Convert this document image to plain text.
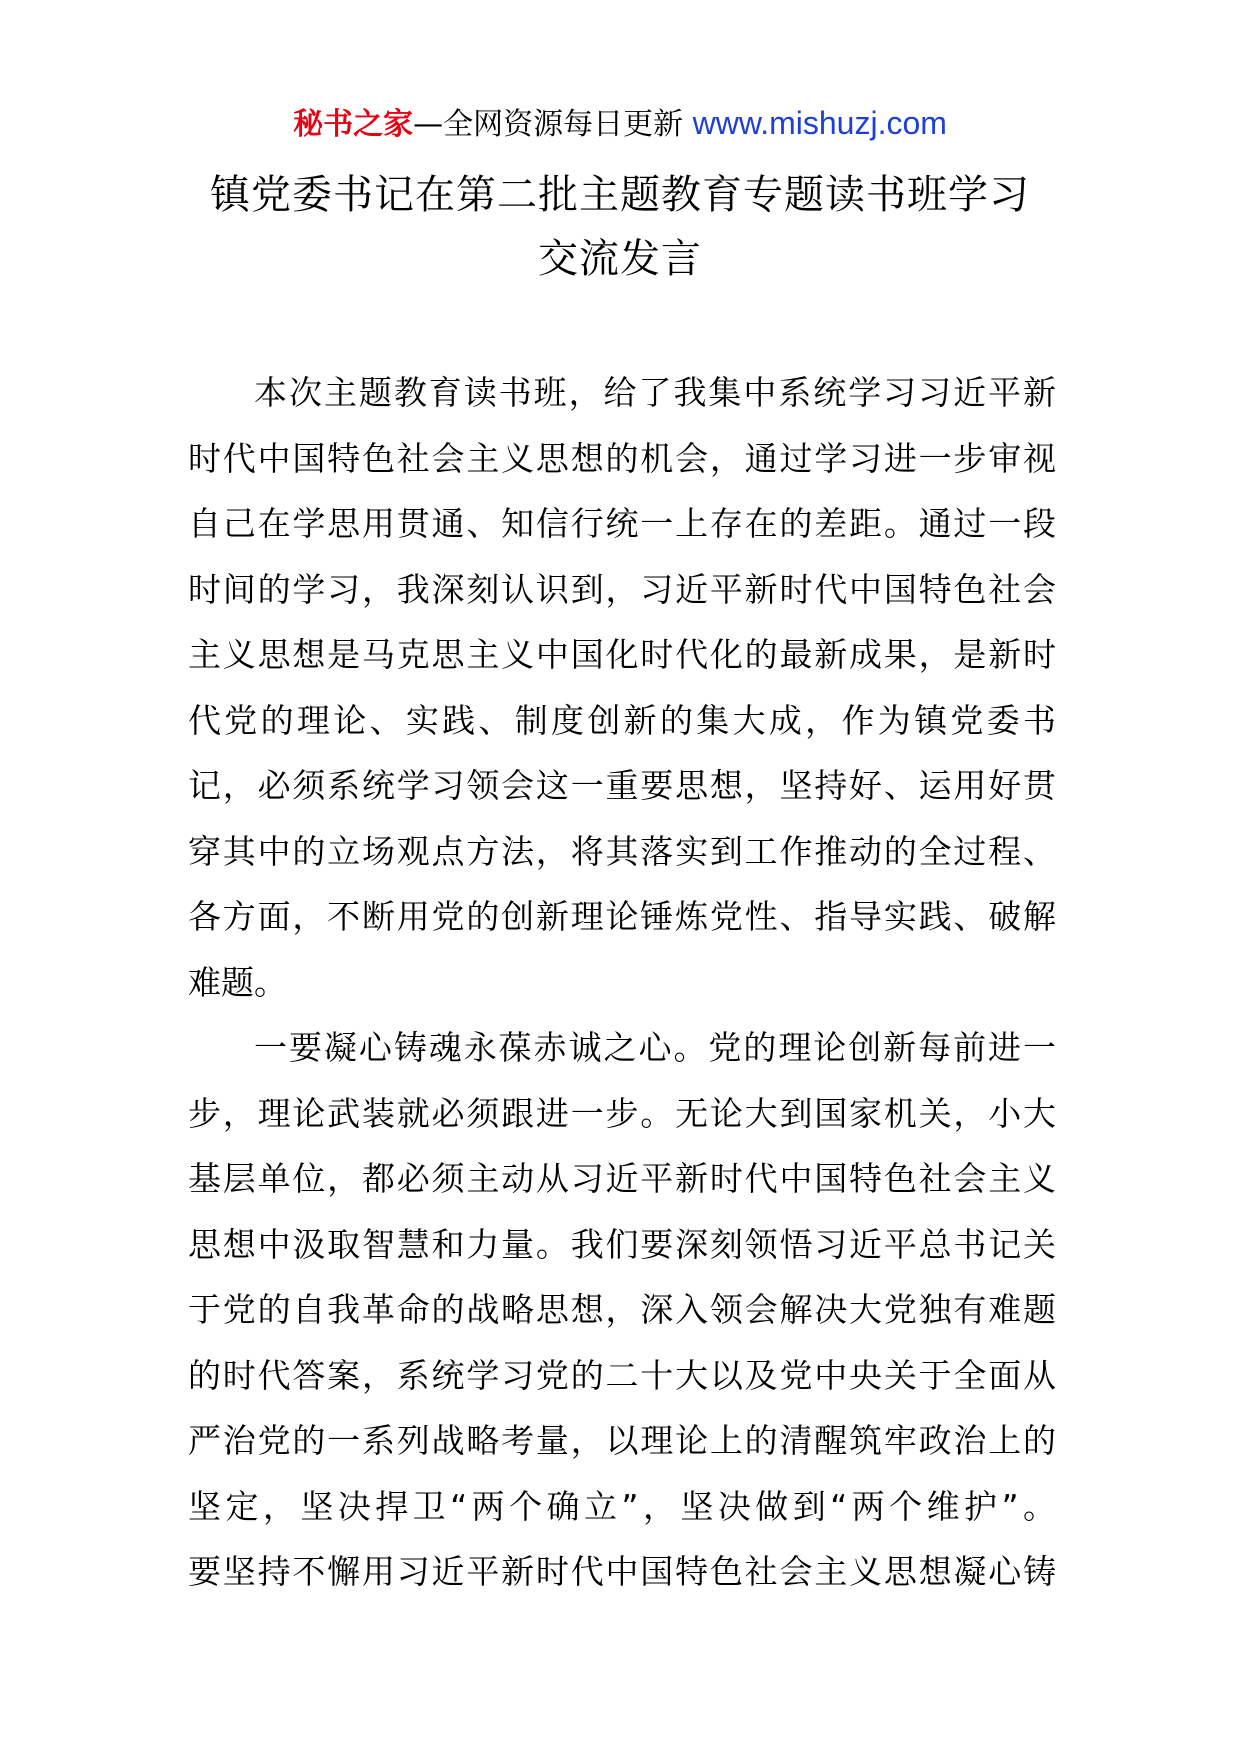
秘书之家—全网资源每日更新 www.mishuzj.com
镇党委书记在第二批主题教育专题读书班学习
交流发言

本次主题教育读书班，给了我集中系统学习习近平新
时代中国特色社会主义思想的机会，通过学习进一步审视
自己在学思用贯通、知信行统一上存在的差距。通过一段
时间的学习，我深刻认识到，习近平新时代中国特色社会
主义思想是马克思主义中国化时代化的最新成果，是新时
代党的理论、实践、制度创新的集大成，作为镇党委书
记，必须系统学习领会这一重要思想，坚持好、运用好贯
穿其中的立场观点方法，将其落实到工作推动的全过程、
各方面，不断用党的创新理论锤炼党性、指导实践、破解
难题。

一要凝心铸魂永葆赤诚之心。党的理论创新每前进一
步，理论武装就必须跟进一步。无论大到国家机关，小大
基层单位，都必须主动从习近平新时代中国特色社会主义
思想中汲取智慧和力量。我们要深刻领悟习近平总书记关
于党的自我革命的战略思想，深入领会解决大党独有难题
的时代答案，系统学习党的二十大以及党中央关于全面从
严治党的一系列战略考量，以理论上的清醒筑牢政治上的
坚定，坚决捍卫“两个确立”，坚决做到“两个维护”。
要坚持不懈用习近平新时代中国特色社会主义思想凝心铸
